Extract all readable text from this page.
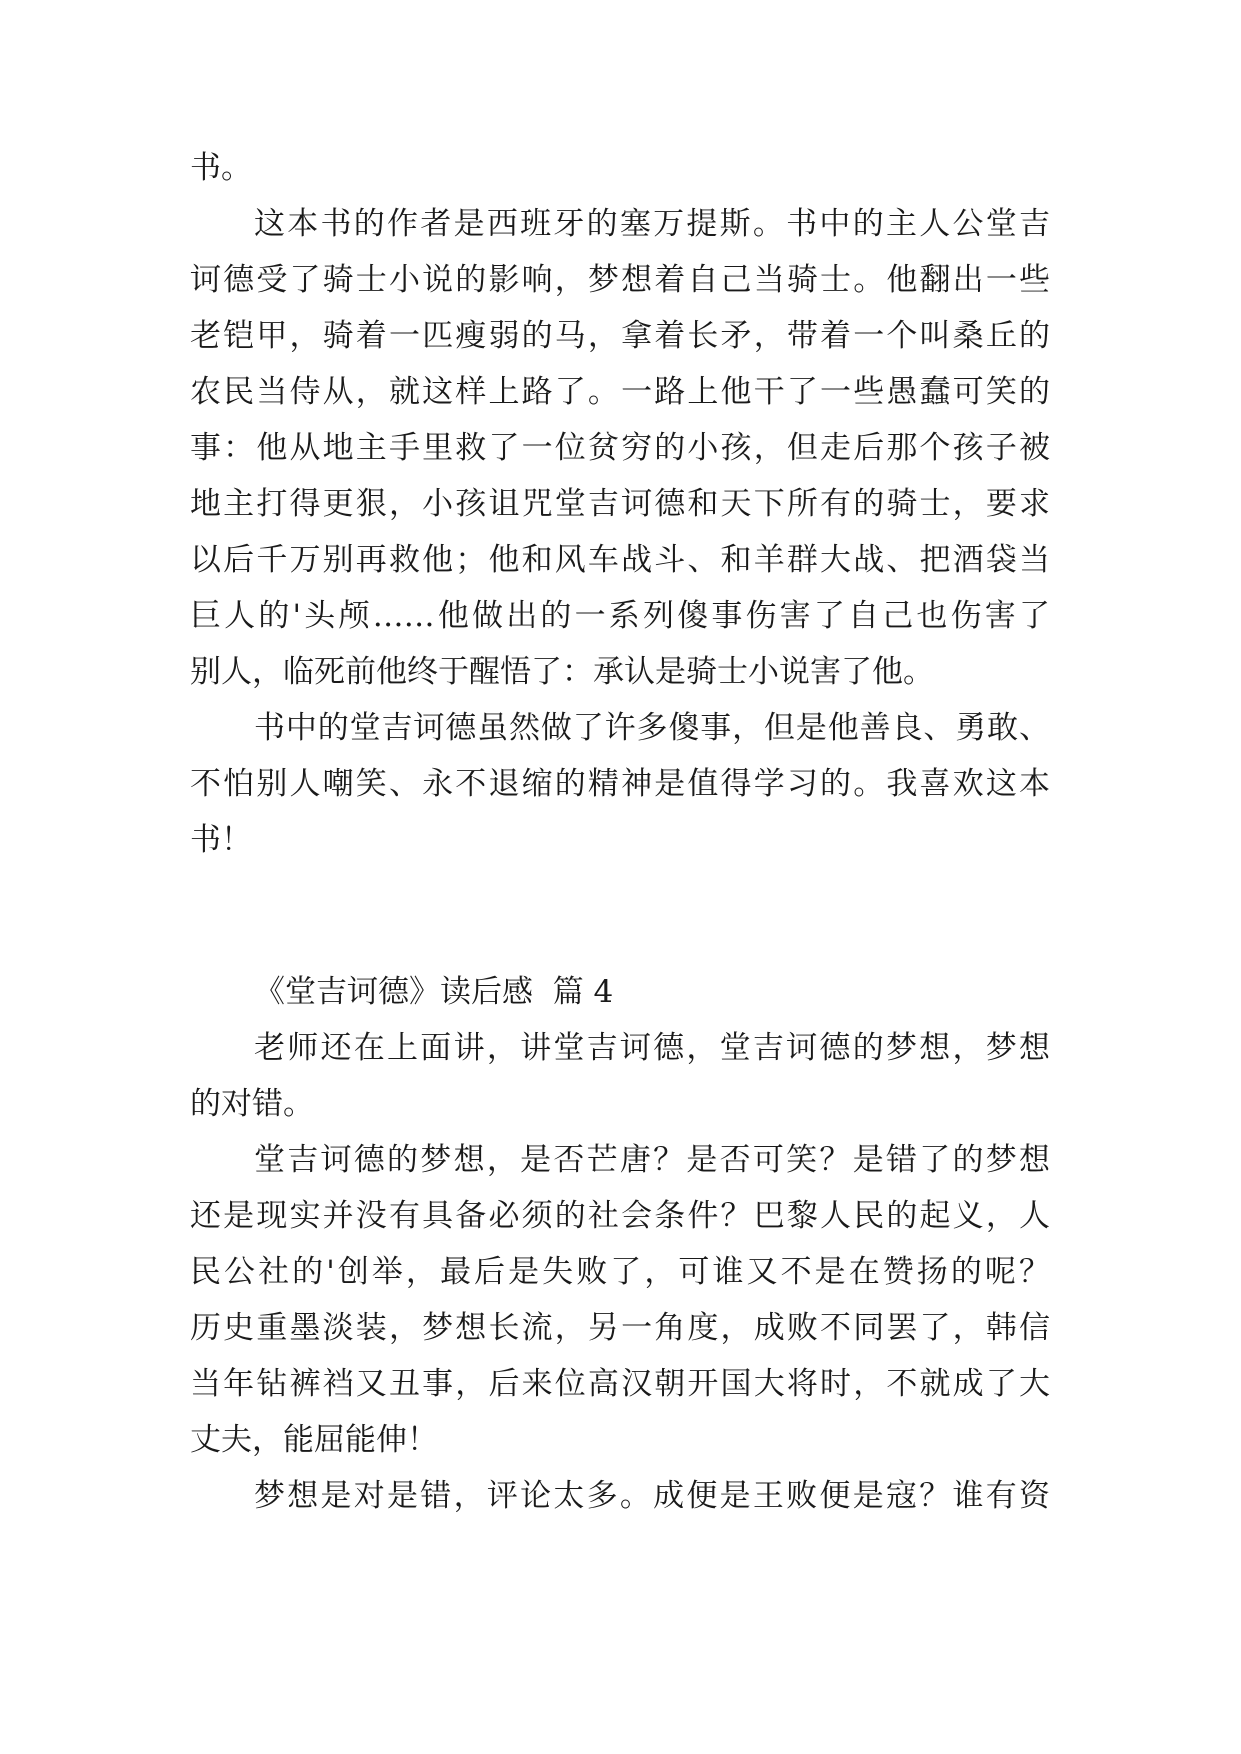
书。
这本书的作者是西班牙的塞万提斯。书中的主人公堂吉
诃德受了骑士小说的影响，梦想着自己当骑士。他翻出一些
老铠甲，骑着一匹瘦弱的马，拿着长矛，带着一个叫桑丘的
农民当侍从，就这样上路了。一路上他干了一些愚蠢可笑的
事：他从地主手里救了一位贫穷的小孩，但走后那个孩子被
地主打得更狠，小孩诅咒堂吉诃德和天下所有的骑士，要求
以后千万别再救他；他和风车战斗、和羊群大战、把酒袋当
巨人的'头颅……他做出的一系列傻事伤害了自己也伤害了
别人，临死前他终于醒悟了：承认是骑士小说害了他。
书中的堂吉诃德虽然做了许多傻事，但是他善良、勇敢、
不怕别人嘲笑、永不退缩的精神是值得学习的。我喜欢这本
书！
《堂吉诃德》读后感  篇 4
老师还在上面讲，讲堂吉诃德，堂吉诃德的梦想，梦想
的对错。
堂吉诃德的梦想，是否芒唐？是否可笑？是错了的梦想
还是现实并没有具备必须的社会条件？巴黎人民的起义，人
民公社的'创举，最后是失败了，可谁又不是在赞扬的呢？
历史重墨淡装，梦想长流，另一角度，成败不同罢了，韩信
当年钻裤裆又丑事，后来位高汉朝开国大将时，不就成了大
丈夫，能屈能伸！
梦想是对是错，评论太多。成便是王败便是寇？谁有资
